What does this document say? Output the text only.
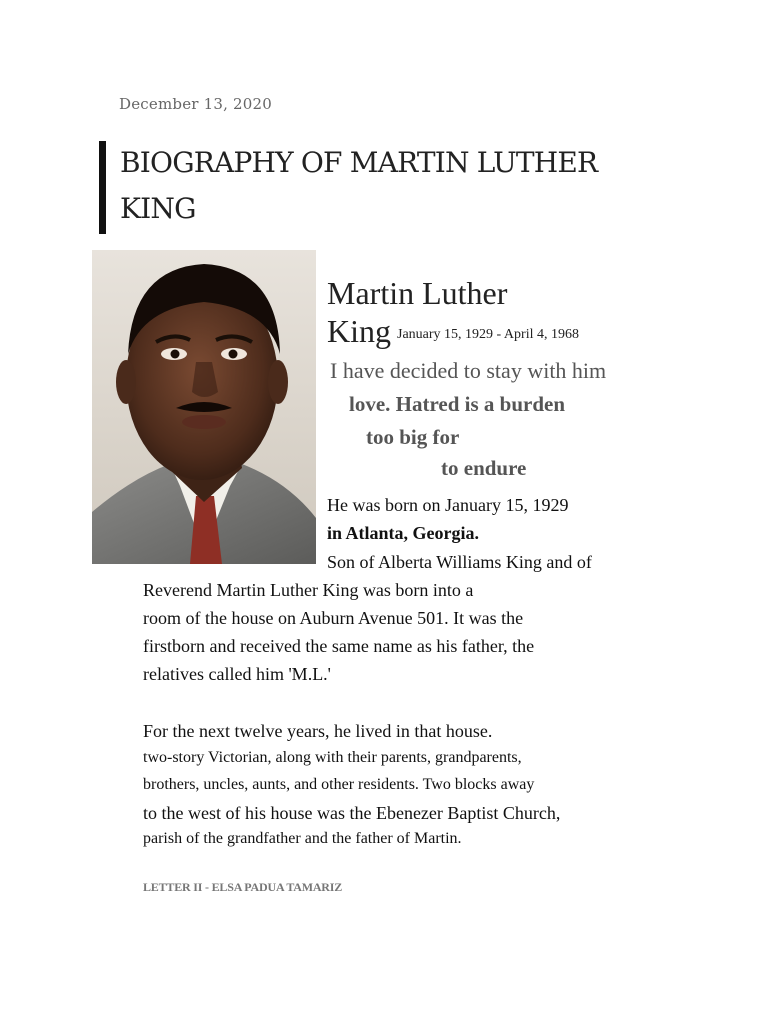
December 13, 2020
BIOGRAPHY OF MARTIN LUTHER
KING
Martin Luther
King January 15, 1929 - April 4, 1968
I have decided to stay with him
love. Hatred is a burden
too big for
to endure
He was born on January 15, 1929
in Atlanta, Georgia.
Son of Alberta Williams King and of
Reverend Martin Luther King was born into a
room of the house on Auburn Avenue 501. It was the
firstborn and received the same name as his father, the
relatives called him 'M.L.'
For the next twelve years, he lived in that house.
two-story Victorian, along with their parents, grandparents,
brothers, uncles, aunts, and other residents. Two blocks away
to the west of his house was the Ebenezer Baptist Church,
parish of the grandfather and the father of Martin.
LETTER II - ELSA PADUA TAMARIZ
